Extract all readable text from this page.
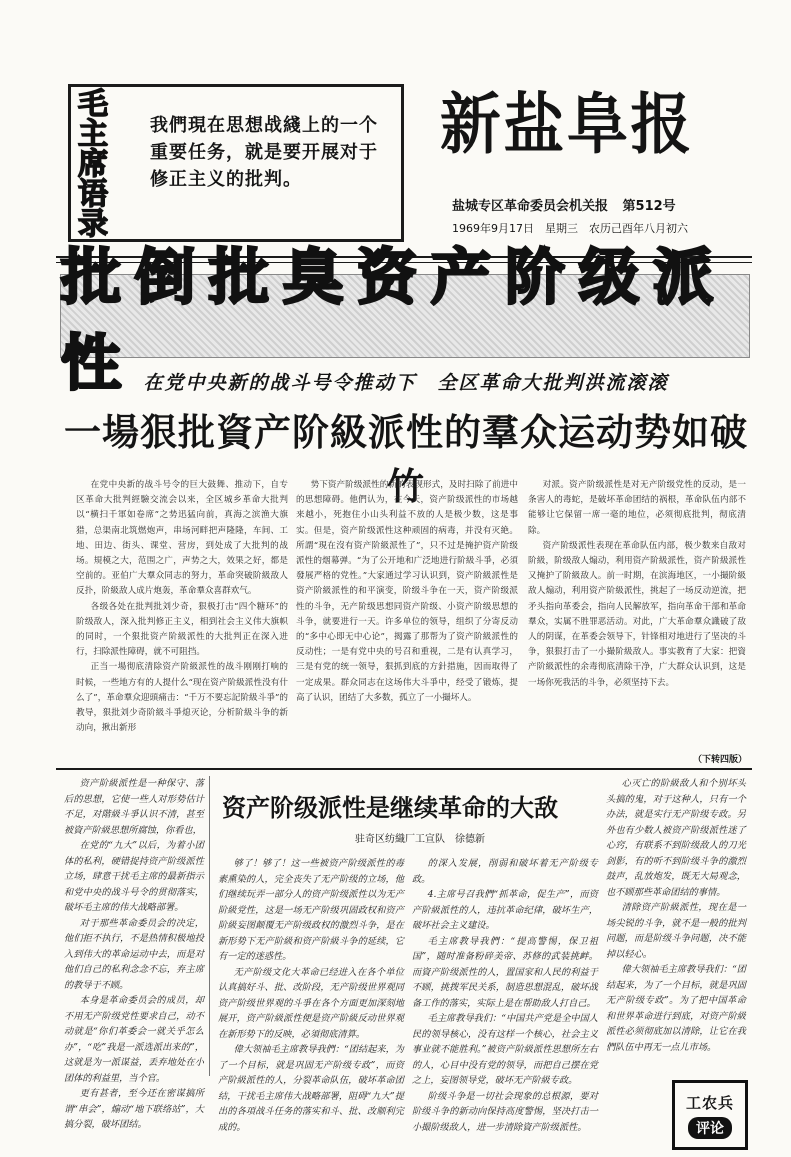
毛
主
席
语
录
我們現在思想战綫上的一个重要任务，就是要开展对于修正主义的批判。
新盐阜报
盐城专区革命委员会机关报 第512号
1969年9月17日　星期三　农历己酉年八月初六
批倒批臭资产阶级派性 在党中央新的战斗号令推动下　全区革命大批判洪流滚滚
一場狠批資产阶級派性的羣众运动势如破竹

在党中央新的战斗号令的巨大鼓舞、推动下，自专区革命大批判經驗交流会以来，全区城乡革命大批判以“横扫千軍如卷席”之势迅猛向前，真海之滨渔大旗猎，总渠南北筑燃炮声，串场河畔把声隆隆，车间、工地、田边、街头、课堂、营房，到处成了大批判的战场。規模之大，范围之广，声势之大，效果之好，都是空前的。亚伯广大羣众同志的努力，革命突破阶級敌人反扑，阶級敌人成片炮轰，革命羣众喜群欢气。

各级各处在批判批刘少奇，狠极打击“四个糖环”的阶级敌人，深入批判修正主义，相到社会主义伟大旗帜的同时，一个狠批资产阶級派性的大批判正在深入进行，扫除派性障碍，就不可阻挡。

正当一場彻底清除资产阶級派性的战斗刚刚打响的时候，一些地方有的人提什么“现在资产阶級派性没有什么了”，革命羣众迎頭痛击：“千万不要忘記阶級斗爭”的教导，狠批刘少奇阶級斗爭熄灭论，分析阶級斗争的新动向，揪出新形

势下资产阶级派性的新的表现形式，及时扫除了前进中的思想障碍。他們认为，在今天，资产阶级派性的市场越来越小，死抱住小山头利益不放的人是极少数，这是事实。但是，资产阶级派性这种顽固的病毒，并没有灭絶。所謂“現在沒有资产阶級派性了”，只不过是掩护资产阶级派性的烟幕弹。“为了公开地和广泛地进行阶級斗爭，必須發展严格的党性。”大家通过学习认识到，资产阶級派性是资产阶級派性的和平演变，阶级斗争在一天，资产阶级派性的斗争，无产阶级思想同资产阶级、小资产阶级思想的斗争，就要进行一天。许多单位的领导，组织了分寄反动的“多中心即无中心论”，揭露了那帮为了资产阶級派性的反动性；一是有党中央的号召和重视，二是有认真学习，三是有党的统一领导，狠抓到底的方針措施，因而取得了一定成果。群众同志在这场伟大斗爭中，经受了锻炼，提高了认识，团结了大多数，孤立了一小撮坏人。

对派。资产阶级派性是对无产阶级党性的反动，是一条害人的毒蛇，是破坏革命团结的祸根，革命队伍内部不能够让它保留一席一毫的地位，必须彻底批判，彻底清除。

资产阶级派性表现在革命队伍内部，极少数来自敌对阶級，阶级敌人煽动，利用资产阶級派性，资产阶級派性又掩护了阶級敌人。前一时期，在滨海地区，一小撮阶級敌人煽动，利用资产阶級派性，挑起了一场反动逆流，把矛头指向革委会，指向人民解放军，指向革命干部和革命羣众，实属不胜罪恶活动。对此，广大革命羣众識破了敌人的阴谋，在革委会领导下，针锋相对地进行了坚决的斗争，狠狠打击了一小撮阶級敌人。事实教育了大家：把資产阶級派性的余毒彻底清除干净，广大群众认识到，这是一场你死我活的斗争，必须坚持下去。

（下转四版）
资产阶级派性是继续革命的大敌
驻奇区纺織厂工宣队　徐德新

资产阶級派性是一种保守、落后的思想，它使一些人对形势估计不足，对階級斗爭认识不清，甚至被資产阶級思想所腐蚀，你看也，

在党的“九大”以后，为着小团体的私利，硬错捉持资产阶级派性立场，肆意干扰毛主席的最新指示和党中央的战斗号令的贯彻落实，破坏毛主席的伟大战略部署。

对于那些革命委员会的决定，他们拒不执行，不是热情积极地投入到伟大的革命运动中去，而是对他们自己的私利念念不忘，弃主席的教导于不顾。

本身是革命委员会的成员，却不用无产阶级党性要求自己，动不动就是“你们革委会一就关乎怎么办”，“吃”我是一派选派出来的”，这就是为一派谋益，丢弃地处在小团体的利益里，当个官。

更有甚者，至今还在密谋搞所谓“串会”，煽动“地下联络站”，大搞分裂，破坏团结。

够了！够了！这一些被资产阶级派性的毒素熏染的人，完全丧失了无产阶级的立场，他们继续玩弄一部分人的资产阶级派性以为无产阶級党性，这是一场无产阶级巩固政权和资产阶級妄图颠覆无产阶级政权的激烈斗争，是在新形势下无产阶級和资产阶級斗争的延续，它有一定的迷惑性。

无产阶级文化大革命已经进入在各个单位认真搞好斗、批、改阶段，无产阶级世界观同资产阶级世界观的斗爭在各个方面更加深刻地展开，资产阶級派性便是资产阶級反动世界观在新形势下的反映，必須彻底清算。

偉大领袖毛主席教导我們：“团结起来，为了一个目标，就是巩固无产阶级专政”，而资产阶級派性的人，分裂革命队伍，破坏革命团结，干扰毛主席伟大战略部署，阻碍“九大”提出的各項战斗任务的落实和斗、批、改顺利完成的。

的深入发展，削弱和破坏着无产阶级专政。

4.主席号召我們“抓革命，促生产”，而资产阶級派性的人，违抗革命纪律，破坏生产，破坏社会主义建设。

毛主席教导我們：“提高警惕，保卫祖国”，随时准备粉碎美帝、苏修的武装挑衅。而資产阶级派性的人，置国家和人民的利益于不顾，挑拨军民关系，制造思想混乱，破坏战备工作的落实，实际上是在帮助敌人打自己。

毛主席教导我们：“中国共产党是全中国人民的领导核心，没有这样一个核心，社会主义事业就不能胜利。”被资产阶級派性思想所左右的人，心目中没有党的领导，而把自己摆在党之上，妄图领导党，破坏无产阶級专政。

阶级斗争是一切社会现象的总根源，要对阶级斗争的新动向保持高度警惕，坚决打击一小撮阶级敌人，进一步清除資产阶级派性。

心灭亡的阶級敌人和个别坏头头搞的鬼，对于这种人，只有一个办法，就是实行无产阶级专政。另外也有少数人被资产阶级派性迷了心窍，有联系不到阶级敌人的刀光剑影，有的听不到阶级斗争的激烈鼓声，乱放炮发，既无大局观念，也不顾那些革命团结的事情。

清除资产阶級派性，现在是一场尖锐的斗争，就不是一般的批判问题，而是阶级斗争问题，决不能掉以轻心。

偉大领袖毛主席教导我们：“团结起来，为了一个目标，就是巩固无产阶级专政”。为了把中国革命和世界革命进行到底，对资产阶級派性必须彻底加以清除，让它在我們队伍中再无一点儿市场。

工农兵
评论
